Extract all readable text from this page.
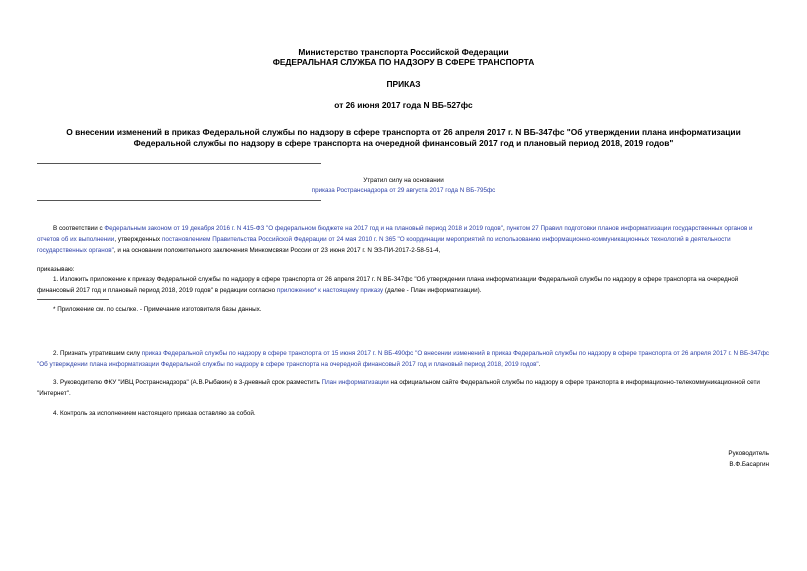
Министерство транспорта Российской Федерации
ФЕДЕРАЛЬНАЯ СЛУЖБА ПО НАДЗОРУ В СФЕРЕ ТРАНСПОРТА
ПРИКАЗ
от 26 июня 2017 года N ВБ-527фс
О внесении изменений в приказ Федеральной службы по надзору в сфере транспорта от 26 апреля 2017 г. N ВБ-347фс "Об утверждении плана информатизации
Федеральной службы по надзору в сфере транспорта на очередной финансовый 2017 год и плановый период 2018, 2019 годов"
Утратил силу на основании
приказа Ространснадзора от 29 августа 2017 года N ВБ-795фс
В соответствии с Федеральным законом от 19 декабря 2016 г. N 415-ФЗ "О федеральном бюджете на 2017 год и на плановый период 2018 и 2019 годов", пунктом 27 Правил подготовки планов информатизации государственных органов и отчетов об их выполнении, утвержденных постановлением Правительства Российской Федерации от 24 мая 2010 г. N 365 "О координации мероприятий по использованию информационно-коммуникационных технологий в деятельности государственных органов", и на основании положительного заключения Минкомсвязи России от 23 июня 2017 г. N ЭЗ-ПИ-2017-2-58-51-4,
приказываю:
1. Изложить приложение к приказу Федеральной службы по надзору в сфере транспорта от 26 апреля 2017 г. N ВБ-347фс "Об утверждении плана информатизации Федеральной службы по надзору в сфере транспорта на очередной финансовый 2017 год и плановый период 2018, 2019 годов" в редакции согласно приложению* к настоящему приказу (далее - План информатизации).
* Приложение см. по ссылке. - Примечание изготовителя базы данных.
2. Признать утратившим силу приказ Федеральной службы по надзору в сфере транспорта от 15 июня 2017 г. N ВБ-490фс "О внесении изменений в приказ Федеральной службы по надзору в сфере транспорта от 26 апреля 2017 г. N ВБ-347фс "Об утверждении плана информатизации Федеральной службы по надзору в сфере транспорта на очередной финансовый 2017 год и плановый период 2018, 2019 годов".
3. Руководителю ФКУ "ИВЦ Ространснадзора" (А.В.Рыбакин) в 3-дневный срок разместить План информатизации на официальном сайте Федеральной службы по надзору в сфере транспорта в информационно-телекоммуникационной сети "Интернет".
4. Контроль за исполнением настоящего приказа оставляю за собой.
Руководитель
В.Ф.Басаргин
